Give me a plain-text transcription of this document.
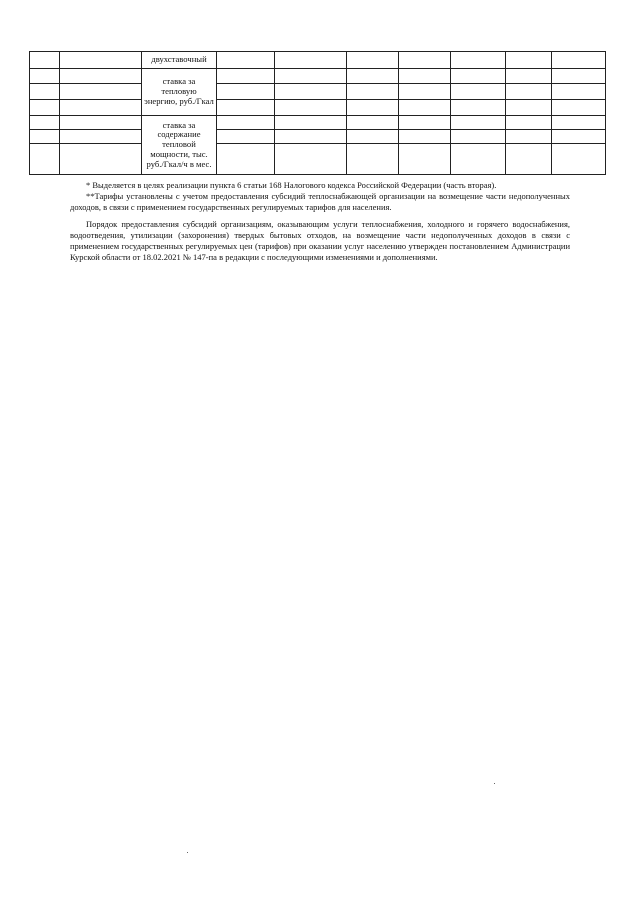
		двухставочный							
		ставка за тепловую энергию, руб./Гкал							

		ставка за содержание тепловой мощности, тыс. руб./Гкал/ч в мес.							

* Выделяется в целях реализации пункта 6 статьи 168 Налогового кодекса Российской Федерации (часть вторая).

**Тарифы установлены с учетом предоставления субсидий теплоснабжающей организации на возмещение части недополученных доходов, в связи с применением государственных регулируемых тарифов для населения.

Порядок предоставления субсидий организациям, оказывающим услуги теплоснабжения, холодного и горячего водоснабжения, водоотведения, утилизации (захоронения) твердых бытовых отходов, на возмещение части недополученных доходов в связи с применением государственных регулируемых цен (тарифов) при оказании услуг населению утвержден постановлением Администрации Курской области от 18.02.2021 № 147-па в редакции с последующими изменениями и дополнениями.
